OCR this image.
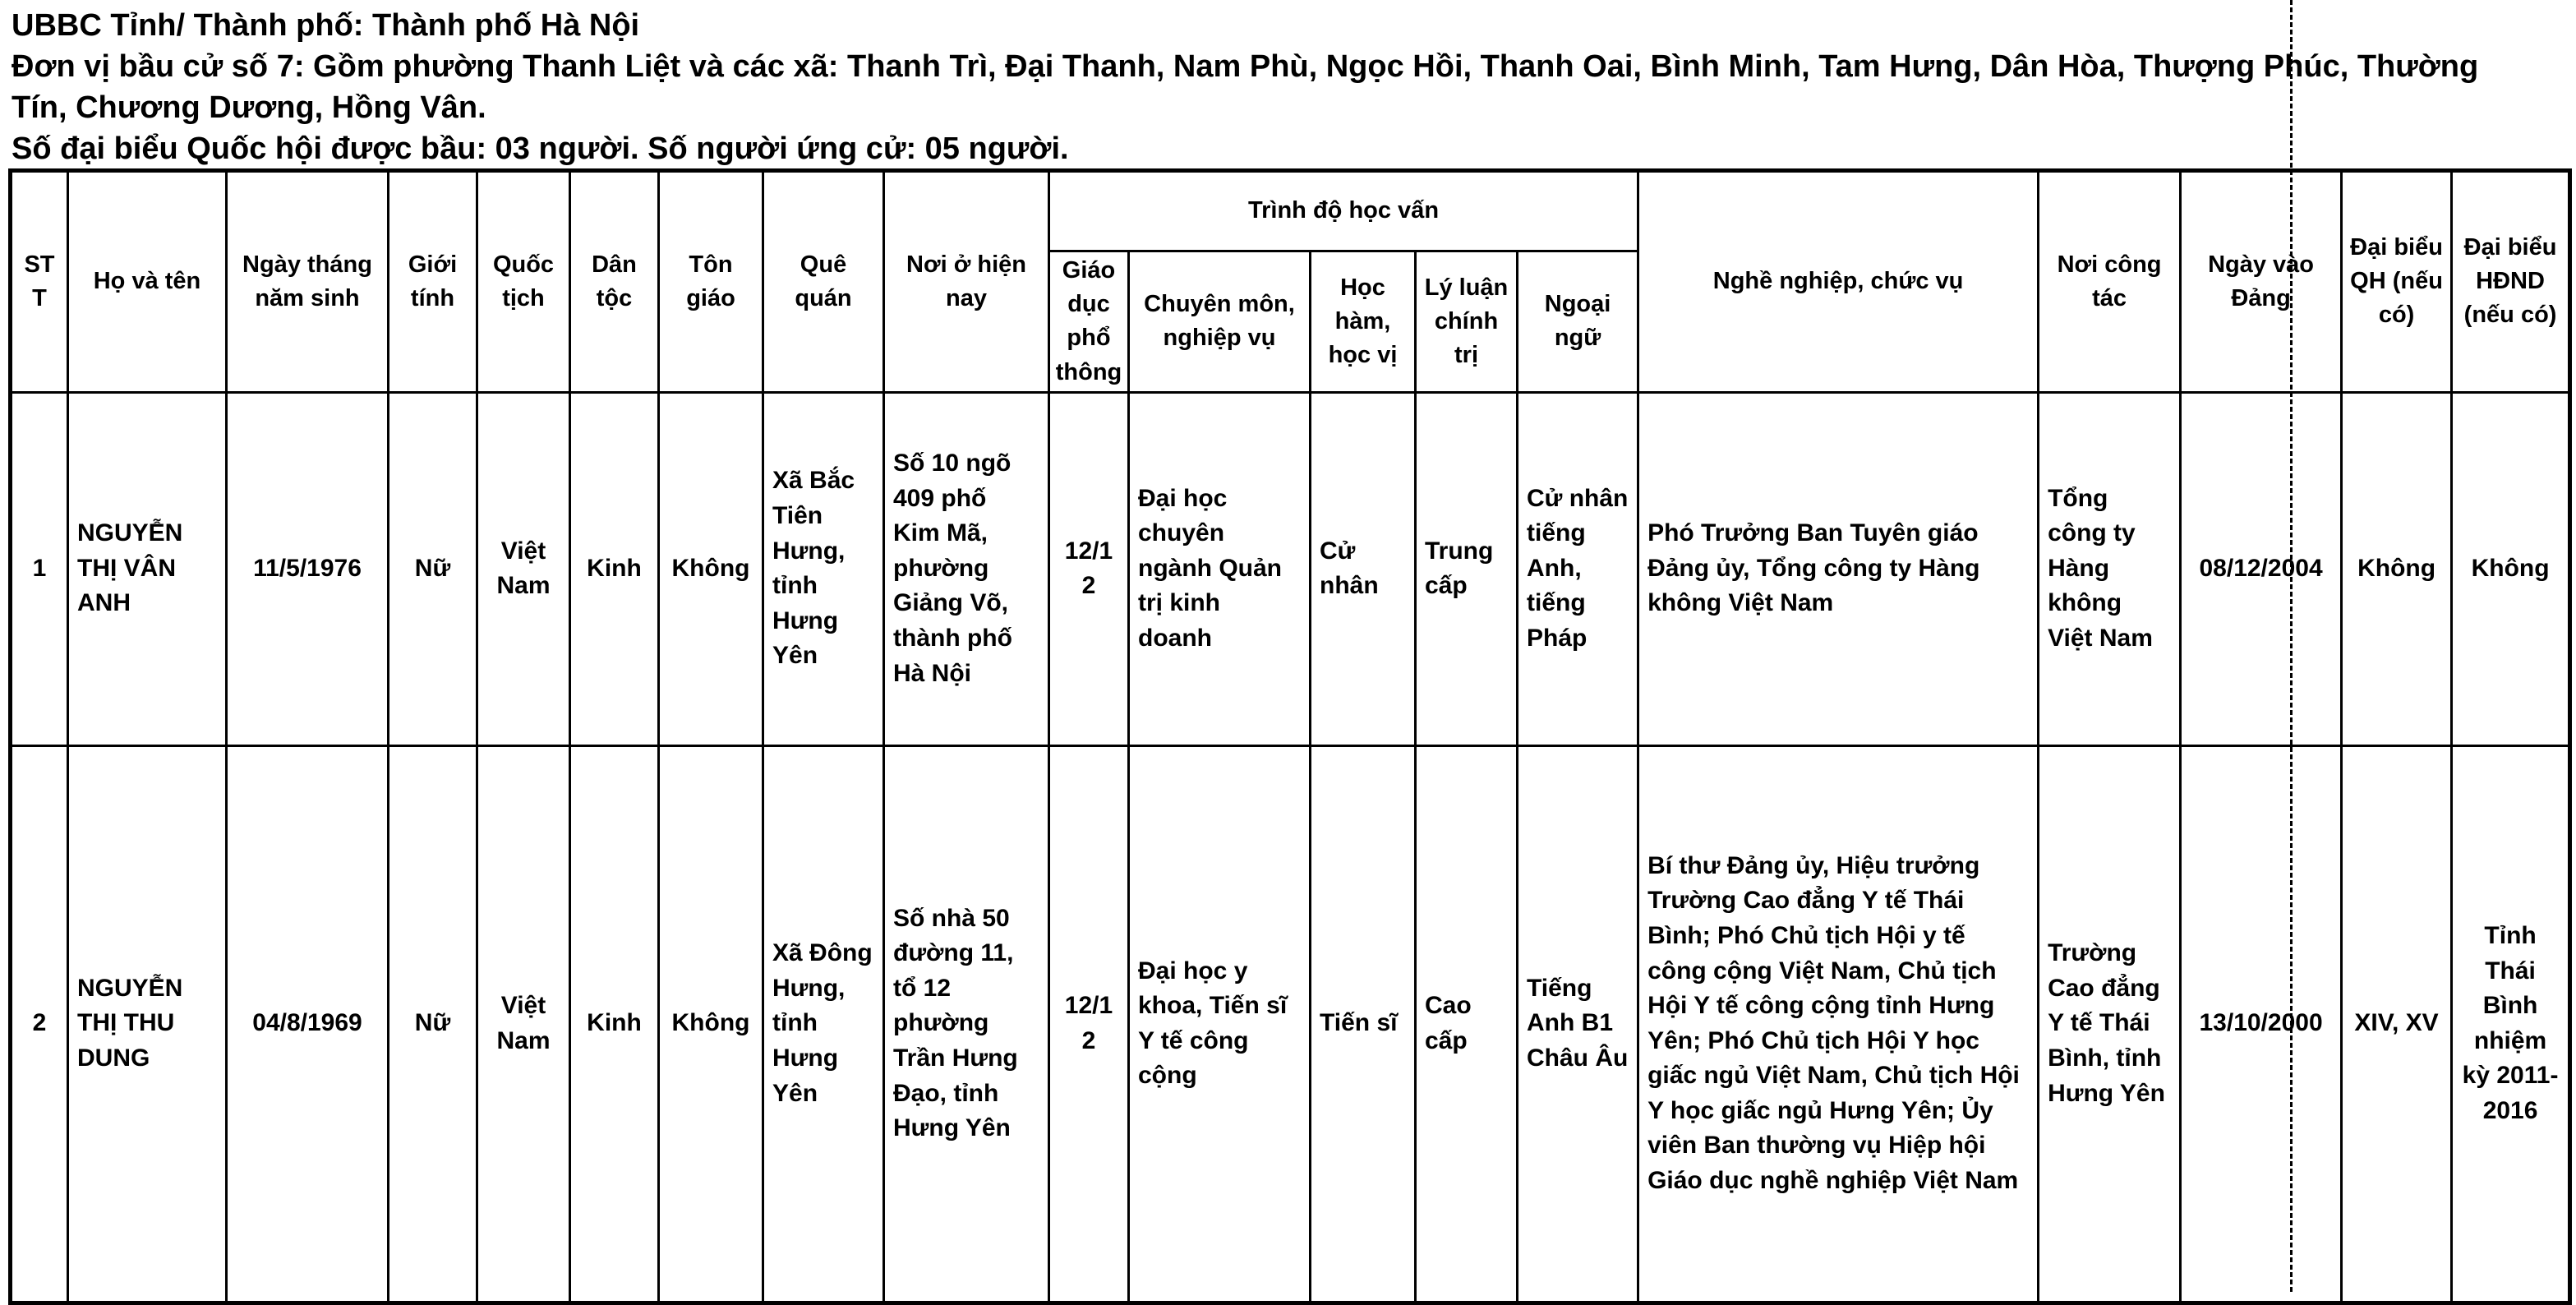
UBBC Tỉnh/ Thành phố: Thành phố Hà Nội
Đơn vị bầu cử số 7: Gồm phường Thanh Liệt và các xã: Thanh Trì, Đại Thanh, Nam Phù, Ngọc Hồi, Thanh Oai, Bình Minh, Tam Hưng, Dân Hòa, Thượng Phúc, Thường Tín, Chương Dương, Hồng Vân.
Số đại biểu Quốc hội được bầu: 03 người. Số người ứng cử: 05 người.
STT	Họ và tên	Ngày tháng năm sinh	Giới tính	Quốc tịch	Dân tộc	Tôn giáo	Quê quán	Nơi ở hiện nay	Trình độ học vấn					Nghề nghiệp, chức vụ	Nơi công tác	Ngày vào Đảng	Đại biểu QH (nếu có)	Đại biểu HĐND (nếu có)
									Giáo dục phổ thông	Chuyên môn, nghiệp vụ	Học hàm, học vị	Lý luận chính trị	Ngoại ngữ					
1	NGUYỄN THỊ VÂN ANH	11/5/1976	Nữ	Việt Nam	Kinh	Không	Xã Bắc Tiên Hưng, tỉnh Hưng Yên	Số 10 ngõ 409 phố Kim Mã, phường Giảng Võ, thành phố Hà Nội	12/12	Đại học chuyên ngành Quản trị kinh doanh	Cử nhân	Trung cấp	Cử nhân tiếng Anh, tiếng Pháp	Phó Trưởng Ban Tuyên giáo Đảng ủy, Tổng công ty Hàng không Việt Nam	Tổng công ty Hàng không Việt Nam	08/12/2004	Không	Không
2	NGUYỄN THỊ THU DUNG	04/8/1969	Nữ	Việt Nam	Kinh	Không	Xã Đông Hưng, tỉnh Hưng Yên	Số nhà 50 đường 11, tổ 12 phường Trần Hưng Đạo, tỉnh Hưng Yên	12/12	Đại học y khoa, Tiến sĩ Y tế công cộng	Tiến sĩ	Cao cấp	Tiếng Anh B1 Châu Âu	Bí thư Đảng ủy, Hiệu trưởng Trường Cao đẳng Y tế Thái Bình; Phó Chủ tịch Hội y tế công cộng Việt Nam, Chủ tịch Hội Y tế công cộng tỉnh Hưng Yên; Phó Chủ tịch Hội Y học giấc ngủ Việt Nam, Chủ tịch Hội Y học giấc ngủ Hưng Yên; Ủy viên Ban thường vụ Hiệp hội Giáo dục nghề nghiệp Việt Nam	Trường Cao đẳng Y tế Thái Bình, tỉnh Hưng Yên	13/10/2000	XIV, XV	Tỉnh Thái Bình nhiệm kỳ 2011-2016
